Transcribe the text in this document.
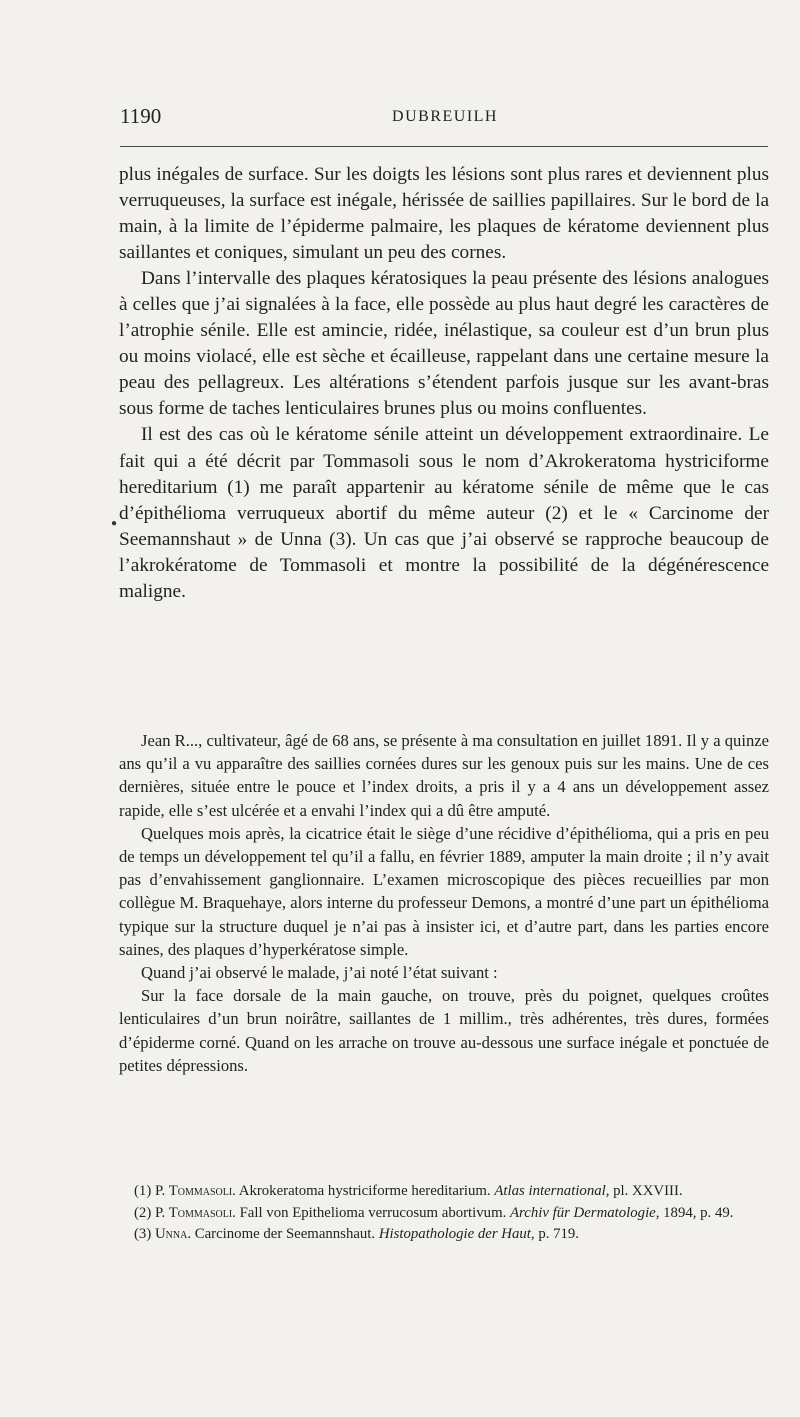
1190	DUBREUILH

plus inégales de surface. Sur les doigts les lésions sont plus rares et deviennent plus verruqueuses, la surface est inégale, hérissée de saillies papillaires. Sur le bord de la main, à la limite de l’épiderme palmaire, les plaques de kératome deviennent plus saillantes et coniques, simulant un peu des cornes.

Dans l’intervalle des plaques kératosiques la peau présente des lésions analogues à celles que j’ai signalées à la face, elle possède au plus haut degré les caractères de l’atrophie sénile. Elle est amincie, ridée, inélastique, sa couleur est d’un brun plus ou moins violacé, elle est sèche et écailleuse, rappelant dans une certaine mesure la peau des pellagreux. Les altérations s’étendent parfois jusque sur les avant-bras sous forme de taches lenticulaires brunes plus ou moins confluentes.

Il est des cas où le kératome sénile atteint un développement extraordinaire. Le fait qui a été décrit par Tommasoli sous le nom d’Akrokeratoma hystriciforme hereditarium (1) me paraît appartenir au kératome sénile de même que le cas d’épithélioma verruqueux abortif du même auteur (2) et le « Carcinome der Seemannshaut » de Unna (3). Un cas que j’ai observé se rapproche beaucoup de l’akrokératome de Tommasoli et montre la possibilité de la dégénérescence maligne.

●

Jean R..., cultivateur, âgé de 68 ans, se présente à ma consultation en juillet 1891. Il y a quinze ans qu’il a vu apparaître des saillies cornées dures sur les genoux puis sur les mains. Une de ces dernières, située entre le pouce et l’index droits, a pris il y a 4 ans un développement assez rapide, elle s’est ulcérée et a envahi l’index qui a dû être amputé.

Quelques mois après, la cicatrice était le siège d’une récidive d’épithélioma, qui a pris en peu de temps un développement tel qu’il a fallu, en février 1889, amputer la main droite ; il n’y avait pas d’envahissement ganglionnaire. L’examen microscopique des pièces recueillies par mon collègue M. Braquehaye, alors interne du professeur Demons, a montré d’une part un épithélioma typique sur la structure duquel je n’ai pas à insister ici, et d’autre part, dans les parties encore saines, des plaques d’hyperkératose simple.

Quand j’ai observé le malade, j’ai noté l’état suivant :

Sur la face dorsale de la main gauche, on trouve, près du poignet, quelques croûtes lenticulaires d’un brun noirâtre, saillantes de 1 millim., très adhérentes, très dures, formées d’épiderme corné. Quand on les arrache on trouve au-dessous une surface inégale et ponctuée de petites dépressions.

(1) P. Tommasoli. Akrokeratoma hystriciforme hereditarium. Atlas international, pl. XXVIII.
(2) P. Tommasoli. Fall von Epithelioma verrucosum abortivum. Archiv für Dermatologie, 1894, p. 49.
(3) Unna. Carcinome der Seemannshaut. Histopathologie der Haut, p. 719.
